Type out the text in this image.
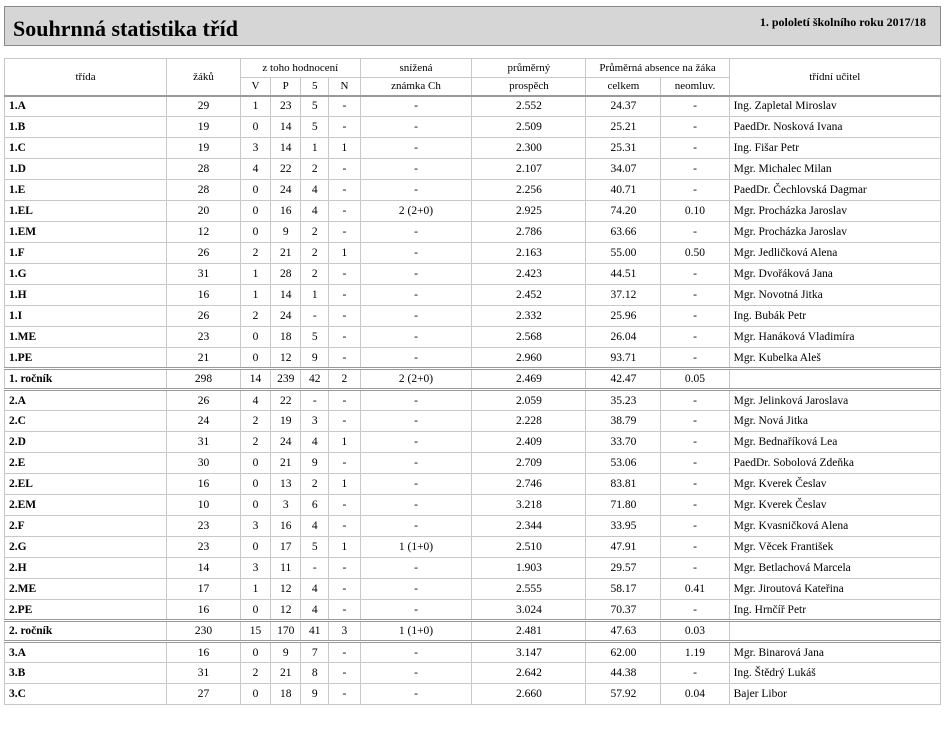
Souhrnná statistika tříd	1. pololetí školního roku 2017/18
třída	žáků	z toho hodnocení				snížená	průměrný	Průměrná absence na žáka		třídní učitel
		V	P	5	N	známka Ch	prospěch	celkem	neomluv.	
1.A	29	1	23	5	-	-	2.552	24.37	-	Ing. Zapletal Miroslav
1.B	19	0	14	5	-	-	2.509	25.21	-	PaedDr. Nosková Ivana
1.C	19	3	14	1	1	-	2.300	25.31	-	Ing. Fišar Petr
1.D	28	4	22	2	-	-	2.107	34.07	-	Mgr. Michalec Milan
1.E	28	0	24	4	-	-	2.256	40.71	-	PaedDr. Čechlovská Dagmar
1.EL	20	0	16	4	-	2 (2+0)	2.925	74.20	0.10	Mgr. Procházka Jaroslav
1.EM	12	0	9	2	-	-	2.786	63.66	-	Mgr. Procházka Jaroslav
1.F	26	2	21	2	1	-	2.163	55.00	0.50	Mgr. Jedličková Alena
1.G	31	1	28	2	-	-	2.423	44.51	-	Mgr. Dvořáková Jana
1.H	16	1	14	1	-	-	2.452	37.12	-	Mgr. Novotná Jitka
1.I	26	2	24	-	-	-	2.332	25.96	-	Ing. Bubák Petr
1.ME	23	0	18	5	-	-	2.568	26.04	-	Mgr. Hanáková Vladimíra
1.PE	21	0	12	9	-	-	2.960	93.71	-	Mgr. Kubelka Aleš
1. ročník	298	14	239	42	2	2 (2+0)	2.469	42.47	0.05	
2.A	26	4	22	-	-	-	2.059	35.23	-	Mgr. Jelinková Jaroslava
2.C	24	2	19	3	-	-	2.228	38.79	-	Mgr. Nová Jitka
2.D	31	2	24	4	1	-	2.409	33.70	-	Mgr. Bednaříková Lea
2.E	30	0	21	9	-	-	2.709	53.06	-	PaedDr. Sobolová Zdeňka
2.EL	16	0	13	2	1	-	2.746	83.81	-	Mgr. Kverek Česlav
2.EM	10	0	3	6	-	-	3.218	71.80	-	Mgr. Kverek Česlav
2.F	23	3	16	4	-	-	2.344	33.95	-	Mgr. Kvasničková Alena
2.G	23	0	17	5	1	1 (1+0)	2.510	47.91	-	Mgr. Věcek František
2.H	14	3	11	-	-	-	1.903	29.57	-	Mgr. Betlachová Marcela
2.ME	17	1	12	4	-	-	2.555	58.17	0.41	Mgr. Jiroutová Kateřina
2.PE	16	0	12	4	-	-	3.024	70.37	-	Ing. Hrnčíř Petr
2. ročník	230	15	170	41	3	1 (1+0)	2.481	47.63	0.03	
3.A	16	0	9	7	-	-	3.147	62.00	1.19	Mgr. Binarová Jana
3.B	31	2	21	8	-	-	2.642	44.38	-	Ing. Štědrý Lukáš
3.C	27	0	18	9	-	-	2.660	57.92	0.04	Bajer Libor
